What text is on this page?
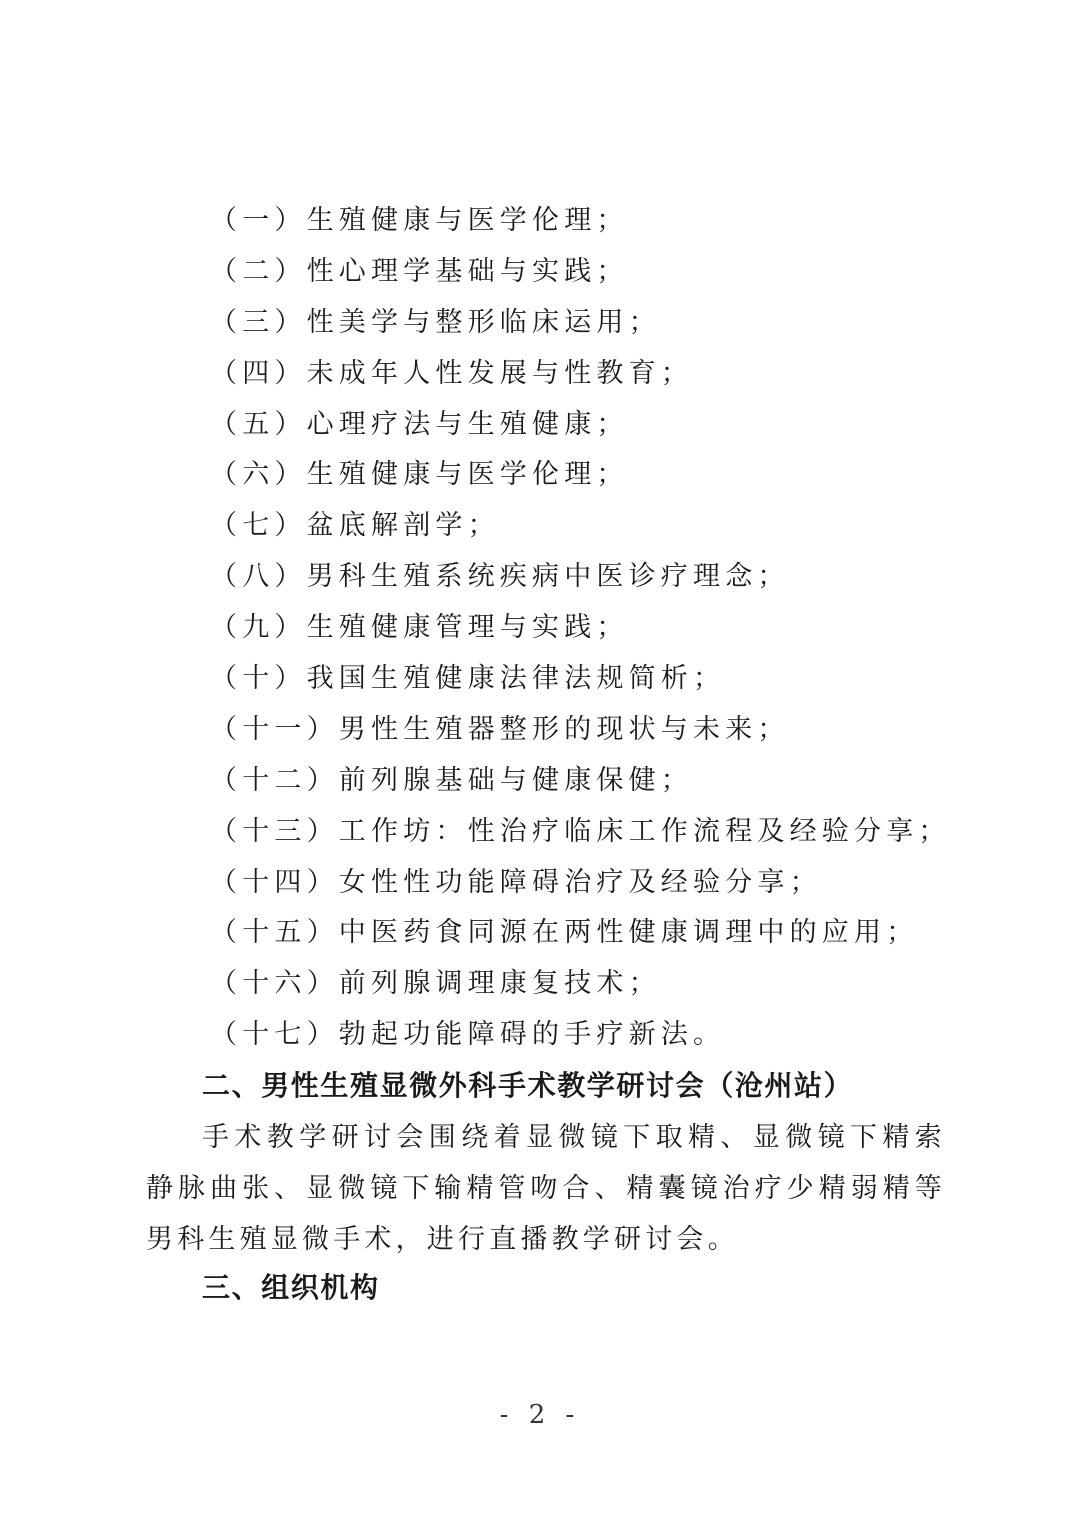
（一）生殖健康与医学伦理；
（二）性心理学基础与实践；
（三）性美学与整形临床运用；
（四）未成年人性发展与性教育；
（五）心理疗法与生殖健康；
（六）生殖健康与医学伦理；
（七）盆底解剖学；
（八）男科生殖系统疾病中医诊疗理念；
（九）生殖健康管理与实践；
（十）我国生殖健康法律法规简析；
（十一）男性生殖器整形的现状与未来；
（十二）前列腺基础与健康保健；
（十三）工作坊：性治疗临床工作流程及经验分享；
（十四）女性性功能障碍治疗及经验分享；
（十五）中医药食同源在两性健康调理中的应用；
（十六）前列腺调理康复技术；
（十七）勃起功能障碍的手疗新法。
二、男性生殖显微外科手术教学研讨会（沧州站）

手术教学研讨会围绕着显微镜下取精、显微镜下精索静脉曲张、显微镜下输精管吻合、精囊镜治疗少精弱精等男科生殖显微手术，进行直播教学研讨会。

三、组织机构
- 2 -
